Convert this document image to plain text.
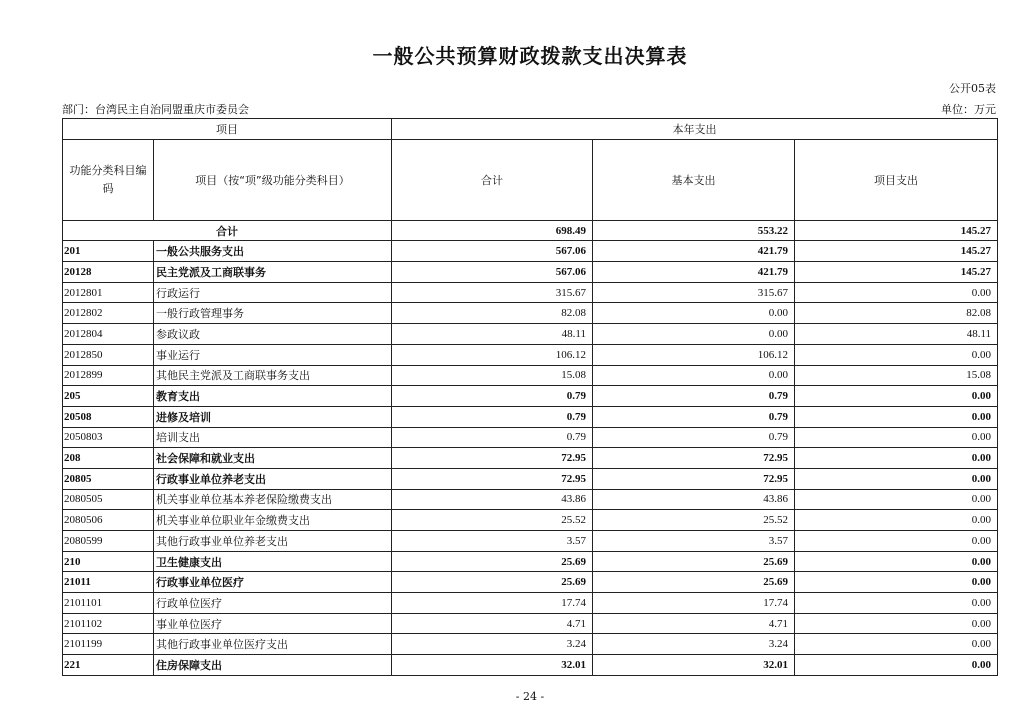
一般公共预算财政拨款支出决算表
公开05表
部门：台湾民主自治同盟重庆市委员会	单位：万元
项目		本年支出		
功能分类科目编码	项目（按“项”级功能分类科目）	合计	基本支出	项目支出
合计		698.49	553.22	145.27
201	一般公共服务支出	567.06	421.79	145.27
20128	民主党派及工商联事务	567.06	421.79	145.27
2012801	行政运行	315.67	315.67	0.00
2012802	一般行政管理事务	82.08	0.00	82.08
2012804	参政议政	48.11	0.00	48.11
2012850	事业运行	106.12	106.12	0.00
2012899	其他民主党派及工商联事务支出	15.08	0.00	15.08
205	教育支出	0.79	0.79	0.00
20508	进修及培训	0.79	0.79	0.00
2050803	培训支出	0.79	0.79	0.00
208	社会保障和就业支出	72.95	72.95	0.00
20805	行政事业单位养老支出	72.95	72.95	0.00
2080505	机关事业单位基本养老保险缴费支出	43.86	43.86	0.00
2080506	机关事业单位职业年金缴费支出	25.52	25.52	0.00
2080599	其他行政事业单位养老支出	3.57	3.57	0.00
210	卫生健康支出	25.69	25.69	0.00
21011	行政事业单位医疗	25.69	25.69	0.00
2101101	行政单位医疗	17.74	17.74	0.00
2101102	事业单位医疗	4.71	4.71	0.00
2101199	其他行政事业单位医疗支出	3.24	3.24	0.00
221	住房保障支出	32.01	32.01	0.00
- 24 -
